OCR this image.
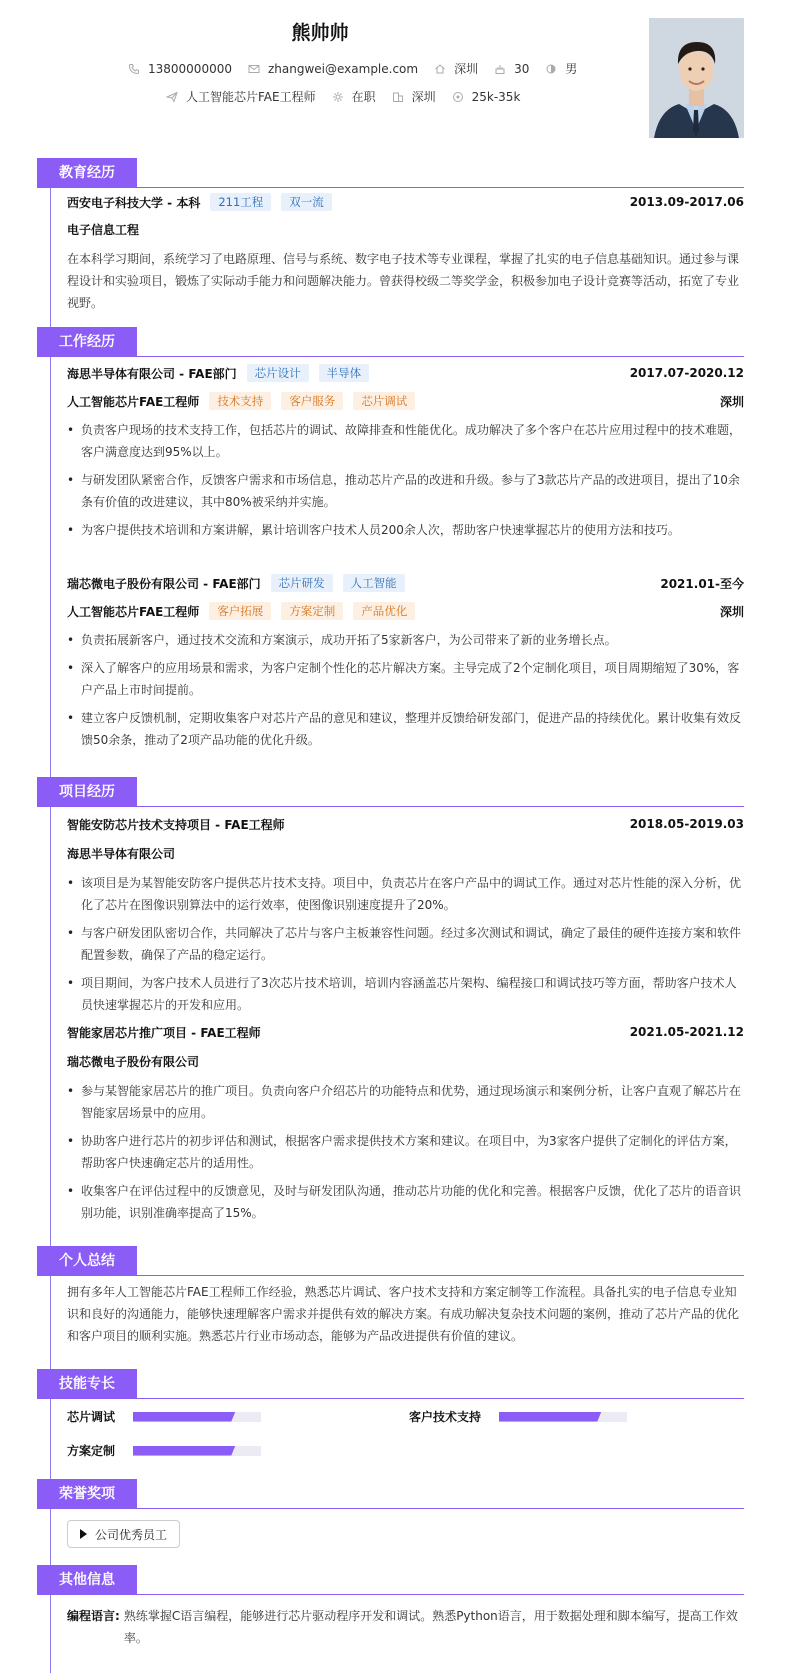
熊帅帅
13800000000	zhangwei@example.com	深圳	30	男
人工智能芯片FAE工程师	在职	深圳	25k-35k
教育经历
西安电子科技大学 - 本科	211工程	双一流	2013.09-2017.06
电子信息工程
在本科学习期间，系统学习了电路原理、信号与系统、数字电子技术等专业课程，掌握了扎实的电子信息基础知识。通过参与课程设计和实验项目，锻炼了实际动手能力和问题解决能力。曾获得校级二等奖学金，积极参加电子设计竞赛等活动，拓宽了专业视野。
工作经历
海思半导体有限公司 - FAE部门	芯片设计	半导体	2017.07-2020.12
人工智能芯片FAE工程师	技术支持	客户服务	芯片调试	深圳
• 负责客户现场的技术支持工作，包括芯片的调试、故障排查和性能优化。成功解决了多个客户在芯片应用过程中的技术难题，客户满意度达到95%以上。
• 与研发团队紧密合作，反馈客户需求和市场信息，推动芯片产品的改进和升级。参与了3款芯片产品的改进项目，提出了10余条有价值的改进建议，其中80%被采纳并实施。
• 为客户提供技术培训和方案讲解，累计培训客户技术人员200余人次，帮助客户快速掌握芯片的使用方法和技巧。
瑞芯微电子股份有限公司 - FAE部门	芯片研发	人工智能	2021.01-至今
人工智能芯片FAE工程师	客户拓展	方案定制	产品优化	深圳
• 负责拓展新客户，通过技术交流和方案演示，成功开拓了5家新客户，为公司带来了新的业务增长点。
• 深入了解客户的应用场景和需求，为客户定制个性化的芯片解决方案。主导完成了2个定制化项目，项目周期缩短了30%，客户产品上市时间提前。
• 建立客户反馈机制，定期收集客户对芯片产品的意见和建议，整理并反馈给研发部门，促进产品的持续优化。累计收集有效反馈50余条，推动了2项产品功能的优化升级。
项目经历
智能安防芯片技术支持项目 - FAE工程师	2018.05-2019.03
海思半导体有限公司
• 该项目是为某智能安防客户提供芯片技术支持。项目中，负责芯片在客户产品中的调试工作。通过对芯片性能的深入分析，优化了芯片在图像识别算法中的运行效率，使图像识别速度提升了20%。
• 与客户研发团队密切合作，共同解决了芯片与客户主板兼容性问题。经过多次测试和调试，确定了最佳的硬件连接方案和软件配置参数，确保了产品的稳定运行。
• 项目期间，为客户技术人员进行了3次芯片技术培训，培训内容涵盖芯片架构、编程接口和调试技巧等方面，帮助客户技术人员快速掌握芯片的开发和应用。
智能家居芯片推广项目 - FAE工程师	2021.05-2021.12
瑞芯微电子股份有限公司
• 参与某智能家居芯片的推广项目。负责向客户介绍芯片的功能特点和优势，通过现场演示和案例分析，让客户直观了解芯片在智能家居场景中的应用。
• 协助客户进行芯片的初步评估和测试，根据客户需求提供技术方案和建议。在项目中，为3家客户提供了定制化的评估方案，帮助客户快速确定芯片的适用性。
• 收集客户在评估过程中的反馈意见，及时与研发团队沟通，推动芯片功能的优化和完善。根据客户反馈，优化了芯片的语音识别功能，识别准确率提高了15%。
个人总结
拥有多年人工智能芯片FAE工程师工作经验，熟悉芯片调试、客户技术支持和方案定制等工作流程。具备扎实的电子信息专业知识和良好的沟通能力，能够快速理解客户需求并提供有效的解决方案。有成功解决复杂技术问题的案例，推动了芯片产品的优化和客户项目的顺利实施。熟悉芯片行业市场动态，能够为产品改进提供有价值的建议。
技能专长
芯片调试	客户技术支持
方案定制
荣誉奖项
公司优秀员工
其他信息
编程语言: 熟练掌握C语言编程，能够进行芯片驱动程序开发和调试。熟悉Python语言，用于数据处理和脚本编写，提高工作效率。
